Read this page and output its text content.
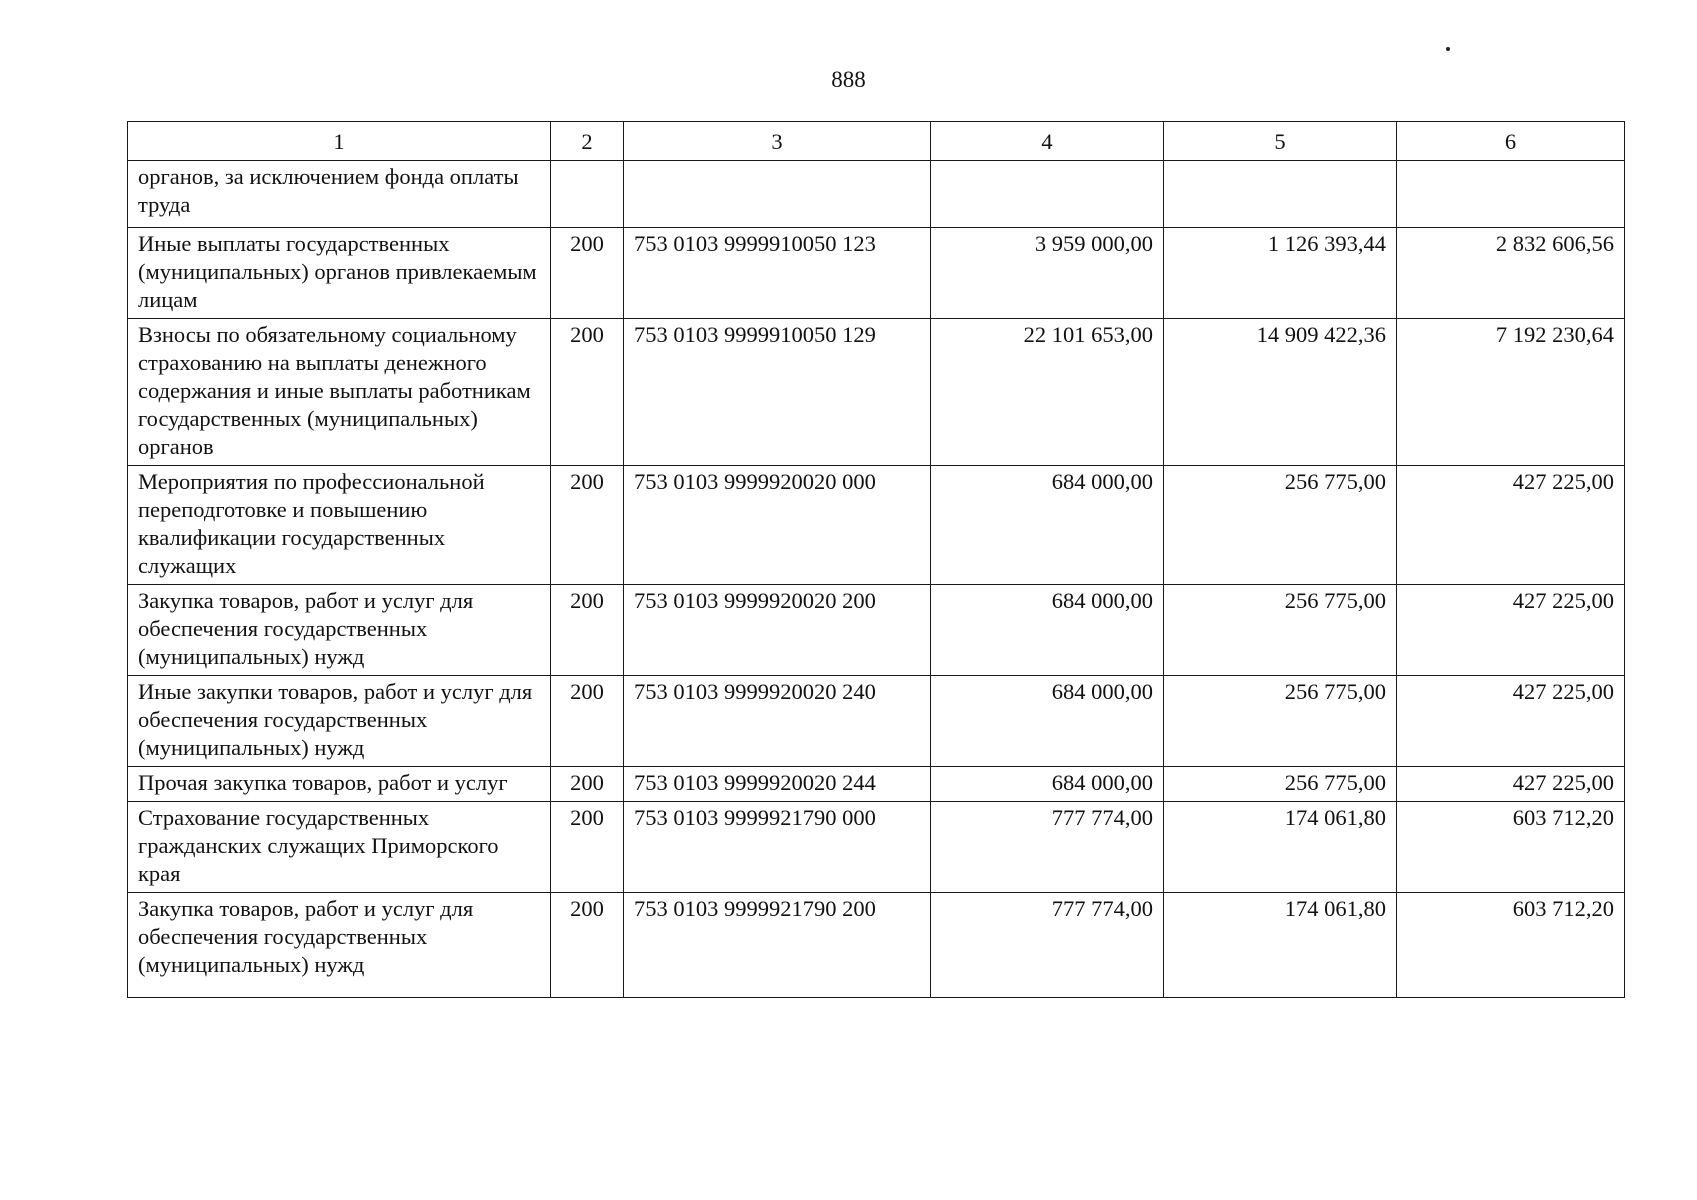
888
1	2	3	4	5	6
органов, за исключением фонда оплаты труда					
Иные выплаты государственных (муниципальных) органов привлекаемым лицам	200	753 0103 9999910050 123	3 959 000,00	1 126 393,44	2 832 606,56
Взносы по обязательному социальному страхованию на выплаты денежного содержания и иные выплаты работникам государственных (муниципальных) органов	200	753 0103 9999910050 129	22 101 653,00	14 909 422,36	7 192 230,64
Мероприятия по профессиональной переподготовке и повышению квалификации государственных служащих	200	753 0103 9999920020 000	684 000,00	256 775,00	427 225,00
Закупка товаров, работ и услуг для обеспечения государственных (муниципальных) нужд	200	753 0103 9999920020 200	684 000,00	256 775,00	427 225,00
Иные закупки товаров, работ и услуг для обеспечения государственных (муниципальных) нужд	200	753 0103 9999920020 240	684 000,00	256 775,00	427 225,00
Прочая закупка товаров, работ и услуг	200	753 0103 9999920020 244	684 000,00	256 775,00	427 225,00
Страхование государственных гражданских служащих Приморского края	200	753 0103 9999921790 000	777 774,00	174 061,80	603 712,20
Закупка товаров, работ и услуг для обеспечения государственных (муниципальных) нужд	200	753 0103 9999921790 200	777 774,00	174 061,80	603 712,20
